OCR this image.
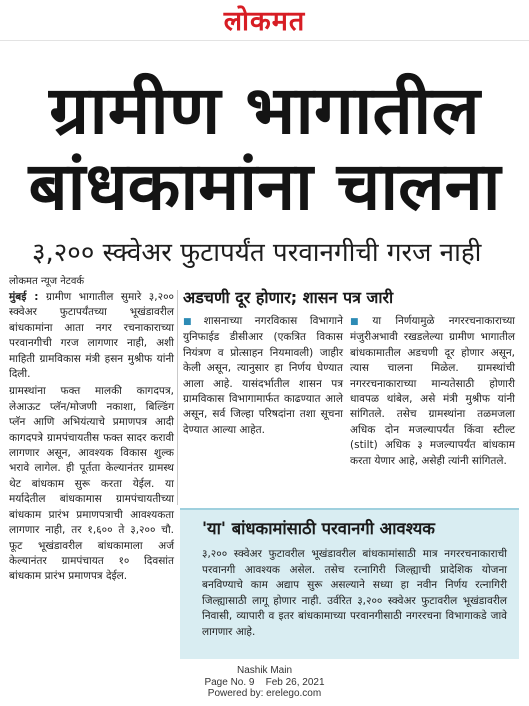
लोकमत
ग्रामीण भागातील
बांधकामांना चालना
३,२०० स्क्वेअर फुटापर्यंत परवानगीची गरज नाही
लोकमत न्यूज नेटवर्क

मुंबई : ग्रामीण भागातील सुमारे ३,२०० स्क्वेअर फुटापर्यंतच्या भूखंडावरील बांधकामांना आता नगर रचनाकाराच्या परवानगीची गरज लागणार नाही, अशी माहिती ग्रामविकास मंत्री हसन मुश्रीफ यांनी दिली.

ग्रामस्थांना फक्त मालकी कागदपत्र, लेआऊट प्लॅन/मोजणी नकाशा, बिल्डिंग प्लॅन आणि अभियंत्याचे प्रमाणपत्र आदी कागदपत्रे ग्रामपंचायतीस फक्त सादर करावी लागणार असून, आवश्यक विकास शुल्क भरावे लागेल. ही पूर्तता केल्यानंतर ग्रामस्थ थेट बांधकाम सुरू करता येईल. या मर्यादेतील बांधकामास ग्रामपंचायतीच्या बांधकाम प्रारंभ प्रमाणपत्राची आवश्यकता लागणार नाही, तर १,६०० ते ३,२०० चौ. फूट भूखंडावरील बांधकामाला अर्ज केल्यानंतर ग्रामपंचायत १० दिवसांत बांधकाम प्रारंभ प्रमाणपत्र देईल.

अडचणी दूर होणार; शासन पत्र जारी

■ शासनाच्या नगरविकास विभागाने युनिफाईड डीसीआर (एकत्रित विकास नियंत्रण व प्रोत्साहन नियमावली) जाहीर केली असून, त्यानुसार हा निर्णय घेण्यात आला आहे. यासंदर्भातील शासन पत्र ग्रामविकास विभागामार्फत काढण्यात आले असून, सर्व जिल्हा परिषदांना तशा सूचना देण्यात आल्या आहेत.

■ या निर्णयामुळे नगररचनाकाराच्या मंजुरीअभावी रखडलेल्या ग्रामीण भागातील बांधकामातील अडचणी दूर होणार असून, त्यास चालना मिळेल. ग्रामस्थांची नगररचनाकाराच्या मान्यतेसाठी होणारी धावपळ थांबेल, असे मंत्री मुश्रीफ यांनी सांगितले. तसेच ग्रामस्थांना तळमजला अधिक दोन मजल्यापर्यंत किंवा स्टील्ट (stilt) अधिक ३ मजल्यापर्यंत बांधकाम करता येणार आहे, असेही त्यांनी सांगितले.

'या' बांधकामांसाठी परवानगी आवश्यक
३,२०० स्क्वेअर फुटावरील भूखंडावरील बांधकामांसाठी मात्र नगररचनाकाराची परवानगी आवश्यक असेल. तसेच रत्नागिरी जिल्ह्याची प्रादेशिक योजना बनविण्याचे काम अद्याप सुरू असल्याने सध्या हा नवीन निर्णय रत्नागिरी जिल्ह्यासाठी लागू होणार नाही. उर्वरित ३,२०० स्क्वेअर फुटावरील भूखंडावरील निवासी, व्यापारी व इतर बांधकामाच्या परवानगीसाठी नगररचना विभागाकडे जावे लागणार आहे.
Nashik Main
Page No. 9    Feb 26, 2021
Powered by: erelego.com
